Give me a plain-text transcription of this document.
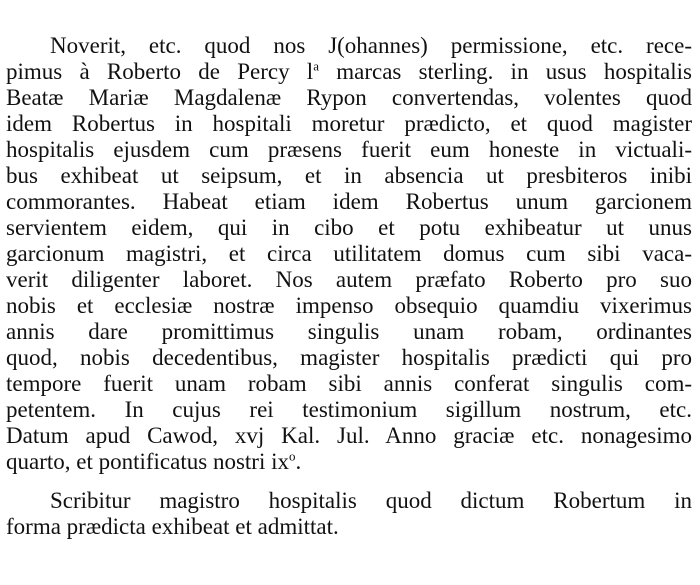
Noverit, etc. quod nos J(ohannes) permissione, etc. rece-
pimus à Roberto de Percy $l^a$ marcas sterling. in usus hospitalis
Beatæ Mariæ Magdalenæ Rypon convertendas, volentes quod
idem Robertus in hospitali moretur prædicto, et quod magister
hospitalis ejusdem cum præsens fuerit eum honeste in victuali-
bus exhibeat ut seipsum, et in absencia ut presbiteros inibi
commorantes. Habeat etiam idem Robertus unum garcionem
servientem eidem, qui in cibo et potu exhibeatur ut unus
garcionum magistri, et circa utilitatem domus cum sibi vaca-
verit diligenter laboret. Nos autem præfato Roberto pro suo
nobis et ecclesiæ nostræ impenso obsequio quamdiu vixerimus
annis dare promittimus singulis unam robam, ordinantes
quod, nobis decedentibus, magister hospitalis prædicti qui pro
tempore fuerit unam robam sibi annis conferat singulis com-
petentem. In cujus rei testimonium sigillum nostrum, etc.
Datum apud Cawod, xvj Kal. Jul. Anno graciæ etc. nonagesimo
quarto, et pontificatus nostri $ix^o$.
Scribitur magistro hospitalis quod dictum Robertum in
forma prædicta exhibeat et admittat.
